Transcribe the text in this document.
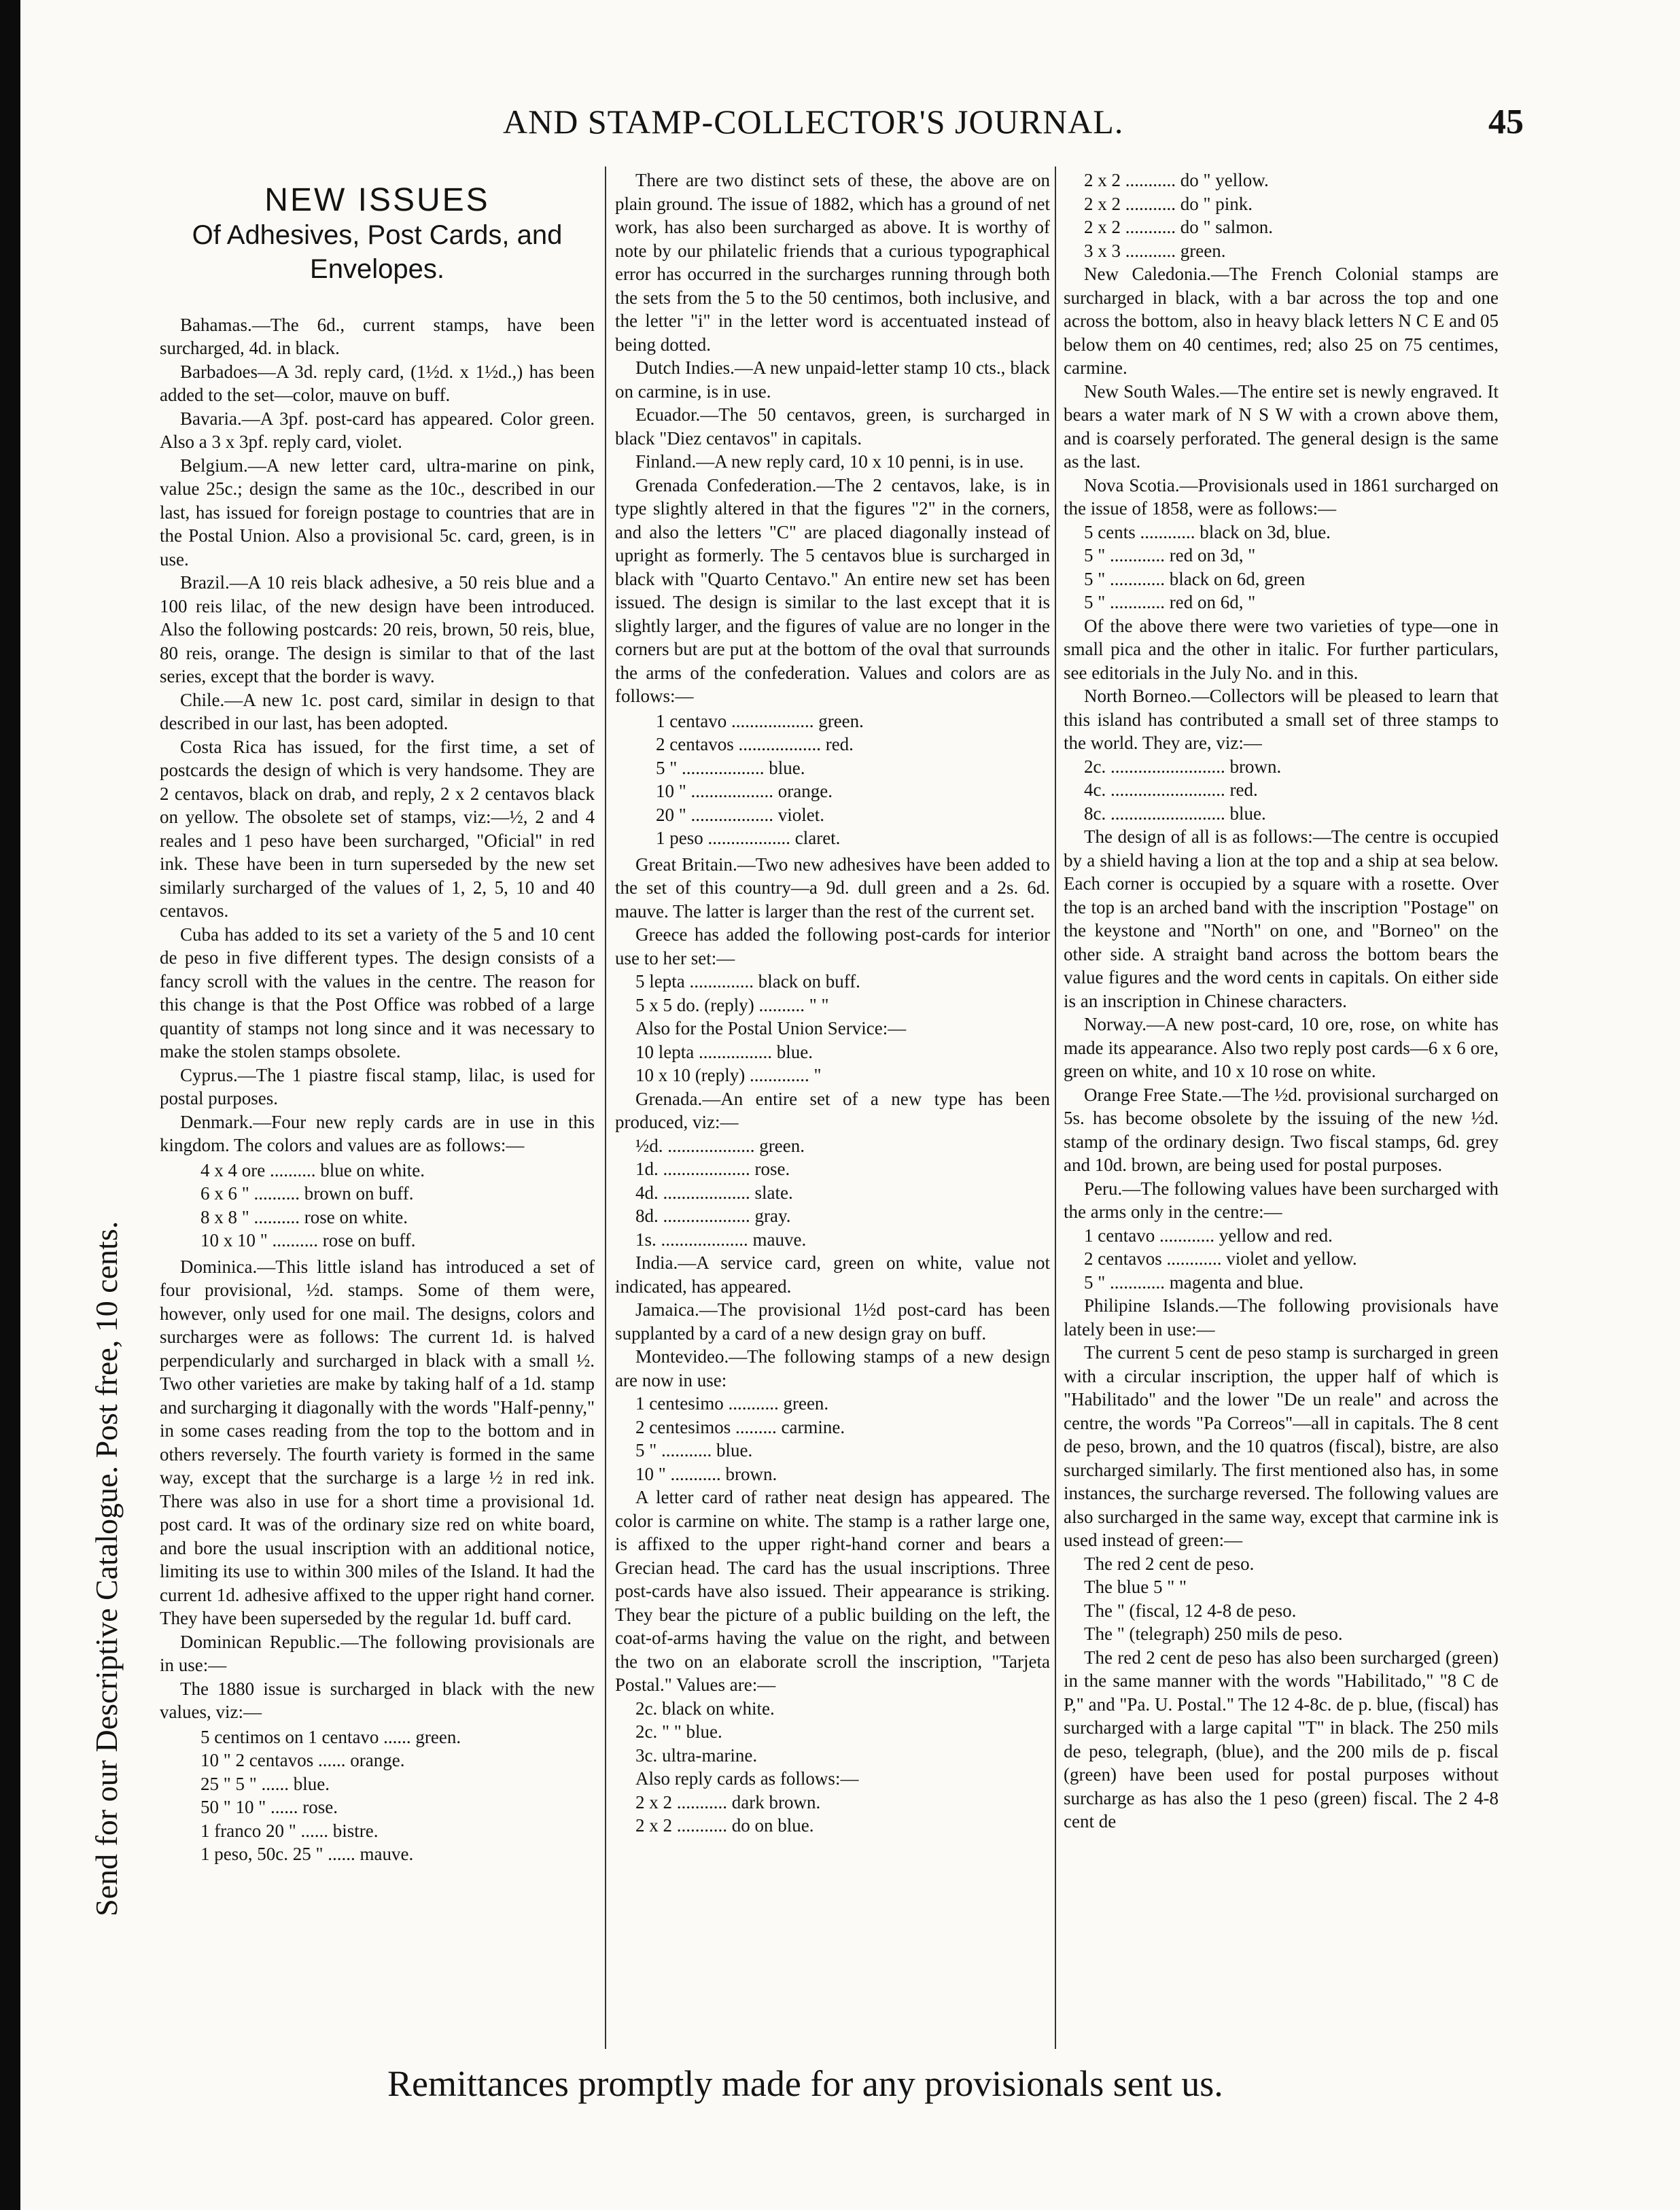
AND STAMP-COLLECTOR'S JOURNAL.	45
Send for our Descriptive Catalogue. Post free, 10 cents.
NEW ISSUES
Of Adhesives, Post Cards, and Envelopes.

Bahamas.—The 6d., current stamps, have been surcharged, 4d. in black.

Barbadoes—A 3d. reply card, (1½d. x 1½d.,) has been added to the set—color, mauve on buff.

Bavaria.—A 3pf. post-card has appeared. Color green. Also a 3 x 3pf. reply card, violet.

Belgium.—A new letter card, ultra-marine on pink, value 25c.; design the same as the 10c., described in our last, has issued for foreign postage to countries that are in the Postal Union. Also a provisional 5c. card, green, is in use.

Brazil.—A 10 reis black adhesive, a 50 reis blue and a 100 reis lilac, of the new design have been introduced. Also the following postcards: 20 reis, brown, 50 reis, blue, 80 reis, orange. The design is similar to that of the last series, except that the border is wavy.

Chile.—A new 1c. post card, similar in design to that described in our last, has been adopted.

Costa Rica has issued, for the first time, a set of postcards the design of which is very handsome. They are 2 centavos, black on drab, and reply, 2 x 2 centavos black on yellow. The obsolete set of stamps, viz:—½, 2 and 4 reales and 1 peso have been surcharged, "Oficial" in red ink. These have been in turn superseded by the new set similarly surcharged of the values of 1, 2, 5, 10 and 40 centavos.

Cuba has added to its set a variety of the 5 and 10 cent de peso in five different types. The design consists of a fancy scroll with the values in the centre. The reason for this change is that the Post Office was robbed of a large quantity of stamps not long since and it was necessary to make the stolen stamps obsolete.

Cyprus.—The 1 piastre fiscal stamp, lilac, is used for postal purposes.

Denmark.—Four new reply cards are in use in this kingdom. The colors and values are as follows:—

4 x 4 ore .......... blue on white.
6 x 6 " .......... brown on buff.
8 x 8 " .......... rose on white.
10 x 10 " .......... rose on buff.

Dominica.—This little island has introduced a set of four provisional, ½d. stamps. Some of them were, however, only used for one mail. The designs, colors and surcharges were as follows: The current 1d. is halved perpendicularly and surcharged in black with a small ½. Two other varieties are make by taking half of a 1d. stamp and surcharging it diagonally with the words "Half-penny," in some cases reading from the top to the bottom and in others reversely. The fourth variety is formed in the same way, except that the surcharge is a large ½ in red ink. There was also in use for a short time a provisional 1d. post card. It was of the ordinary size red on white board, and bore the usual inscription with an additional notice, limiting its use to within 300 miles of the Island. It had the current 1d. adhesive affixed to the upper right hand corner. They have been superseded by the regular 1d. buff card.

Dominican Republic.—The following provisionals are in use:—

The 1880 issue is surcharged in black with the new values, viz:—

5 centimos on 1 centavo ...... green.
10 " 2 centavos ...... orange.
25 " 5 " ...... blue.
50 " 10 " ...... rose.
1 franco 20 " ...... bistre.
1 peso, 50c. 25 " ...... mauve.

There are two distinct sets of these, the above are on plain ground. The issue of 1882, which has a ground of net work, has also been surcharged as above. It is worthy of note by our philatelic friends that a curious typographical error has occurred in the surcharges running through both the sets from the 5 to the 50 centimos, both inclusive, and the letter "i" in the letter word is accentuated instead of being dotted.

Dutch Indies.—A new unpaid-letter stamp 10 cts., black on carmine, is in use.

Ecuador.—The 50 centavos, green, is surcharged in black "Diez centavos" in capitals.

Finland.—A new reply card, 10 x 10 penni, is in use.

Grenada Confederation.—The 2 centavos, lake, is in type slightly altered in that the figures "2" in the corners, and also the letters "C" are placed diagonally instead of upright as formerly. The 5 centavos blue is surcharged in black with "Quarto Centavo." An entire new set has been issued. The design is similar to the last except that it is slightly larger, and the figures of value are no longer in the corners but are put at the bottom of the oval that surrounds the arms of the confederation. Values and colors are as follows:—

1 centavo .................. green.
2 centavos .................. red.
5 " .................. blue.
10 " .................. orange.
20 " .................. violet.
1 peso .................. claret.

Great Britain.—Two new adhesives have been added to the set of this country—a 9d. dull green and a 2s. 6d. mauve. The latter is larger than the rest of the current set.

Greece has added the following post-cards for interior use to her set:—

5 lepta .............. black on buff.

5 x 5 do. (reply) .......... " "

Also for the Postal Union Service:—

10 lepta ................ blue.

10 x 10 (reply) ............. "

Grenada.—An entire set of a new type has been produced, viz:—

½d. ................... green.

1d. ................... rose.

4d. ................... slate.

8d. ................... gray.

1s. ................... mauve.

India.—A service card, green on white, value not indicated, has appeared.

Jamaica.—The provisional 1½d post-card has been supplanted by a card of a new design gray on buff.

Montevideo.—The following stamps of a new design are now in use:

1 centesimo ........... green.

2 centesimos ......... carmine.

5 " ........... blue.

10 " ........... brown.

A letter card of rather neat design has appeared. The color is carmine on white. The stamp is a rather large one, is affixed to the upper right-hand corner and bears a Grecian head. The card has the usual inscriptions. Three post-cards have also issued. Their appearance is striking. They bear the picture of a public building on the left, the coat-of-arms having the value on the right, and between the two on an elaborate scroll the inscription, "Tarjeta Postal." Values are:—

2c. black on white.

2c. " " blue.

3c. ultra-marine.

Also reply cards as follows:—

2 x 2 ........... dark brown.

2 x 2 ........... do on blue.

2 x 2 ........... do " yellow.

2 x 2 ........... do " pink.

2 x 2 ........... do " salmon.

3 x 3 ........... green.

New Caledonia.—The French Colonial stamps are surcharged in black, with a bar across the top and one across the bottom, also in heavy black letters N C E and 05 below them on 40 centimes, red; also 25 on 75 centimes, carmine.

New South Wales.—The entire set is newly engraved. It bears a water mark of N S W with a crown above them, and is coarsely perforated. The general design is the same as the last.

Nova Scotia.—Provisionals used in 1861 surcharged on the issue of 1858, were as follows:—

5 cents ............ black on 3d, blue.

5 " ............ red on 3d, "

5 " ............ black on 6d, green

5 " ............ red on 6d, "

Of the above there were two varieties of type—one in small pica and the other in italic. For further particulars, see editorials in the July No. and in this.

North Borneo.—Collectors will be pleased to learn that this island has contributed a small set of three stamps to the world. They are, viz:—

2c. ......................... brown.

4c. ......................... red.

8c. ......................... blue.

The design of all is as follows:—The centre is occupied by a shield having a lion at the top and a ship at sea below. Each corner is occupied by a square with a rosette. Over the top is an arched band with the inscription "Postage" on the keystone and "North" on one, and "Borneo" on the other side. A straight band across the bottom bears the value figures and the word cents in capitals. On either side is an inscription in Chinese characters.

Norway.—A new post-card, 10 ore, rose, on white has made its appearance. Also two reply post cards—6 x 6 ore, green on white, and 10 x 10 rose on white.

Orange Free State.—The ½d. provisional surcharged on 5s. has become obsolete by the issuing of the new ½d. stamp of the ordinary design. Two fiscal stamps, 6d. grey and 10d. brown, are being used for postal purposes.

Peru.—The following values have been surcharged with the arms only in the centre:—

1 centavo ............ yellow and red.

2 centavos ............ violet and yellow.

5 " ............ magenta and blue.

Philipine Islands.—The following provisionals have lately been in use:—

The current 5 cent de peso stamp is surcharged in green with a circular inscription, the upper half of which is "Habilitado" and the lower "De un reale" and across the centre, the words "Pa Correos"—all in capitals. The 8 cent de peso, brown, and the 10 quatros (fiscal), bistre, are also surcharged similarly. The first mentioned also has, in some instances, the surcharge reversed. The following values are also surcharged in the same way, except that carmine ink is used instead of green:—

The red 2 cent de peso.

The blue 5 " "

The " (fiscal, 12 4-8 de peso.

The " (telegraph) 250 mils de peso.

The red 2 cent de peso has also been surcharged (green) in the same manner with the words "Habilitado," "8 C de P," and "Pa. U. Postal." The 12 4-8c. de p. blue, (fiscal) has surcharged with a large capital "T" in black. The 250 mils de peso, telegraph, (blue), and the 200 mils de p. fiscal (green) have been used for postal purposes without surcharge as has also the 1 peso (green) fiscal. The 2 4-8 cent de

Remittances promptly made for any provisionals sent us.
